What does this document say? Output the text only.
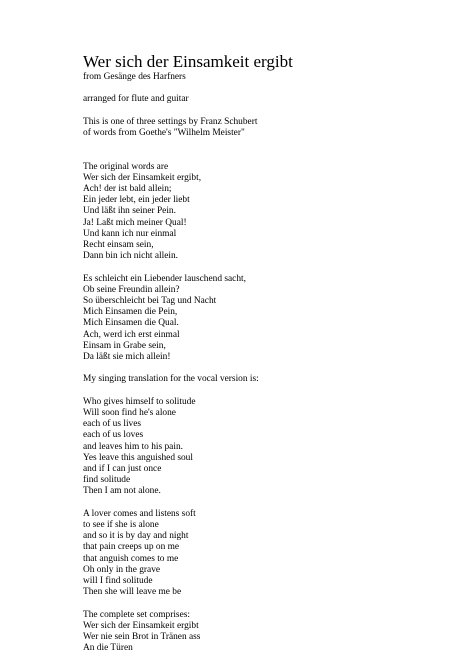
Wer sich der Einsamkeit ergibt

from Gesänge des Harfners

arranged for flute and guitar

This is one of three settings by Franz Schubert

of words from Goethe's "Wilhelm Meister"

The original words are

Wer sich der Einsamkeit ergibt,

Ach! der ist bald allein;

Ein jeder lebt, ein jeder liebt

Und läßt ihn seiner Pein.

Ja! Laßt mich meiner Qual!

Und kann ich nur einmal

Recht einsam sein,

Dann bin ich nicht allein.

Es schleicht ein Liebender lauschend sacht,

Ob seine Freundin allein?

So überschleicht bei Tag und Nacht

Mich Einsamen die Pein,

Mich Einsamen die Qual.

Ach, werd ich erst einmal

Einsam in Grabe sein,

Da läßt sie mich allein!

My singing translation for the vocal version is:

Who gives himself to solitude

Will soon find he's alone

each of us lives

each of us loves

and leaves him to his pain.

Yes leave this anguished soul

and if I can just once

find solitude

Then I am not alone.

A lover comes and listens soft

to see if she is alone

and so it is by day and night

that pain creeps up on me

that anguish comes to me

Oh only in the grave

will I find solitude

Then she will leave me be

The complete set comprises:

Wer sich der Einsamkeit ergibt

Wer nie sein Brot in Tränen ass

An die Türen
